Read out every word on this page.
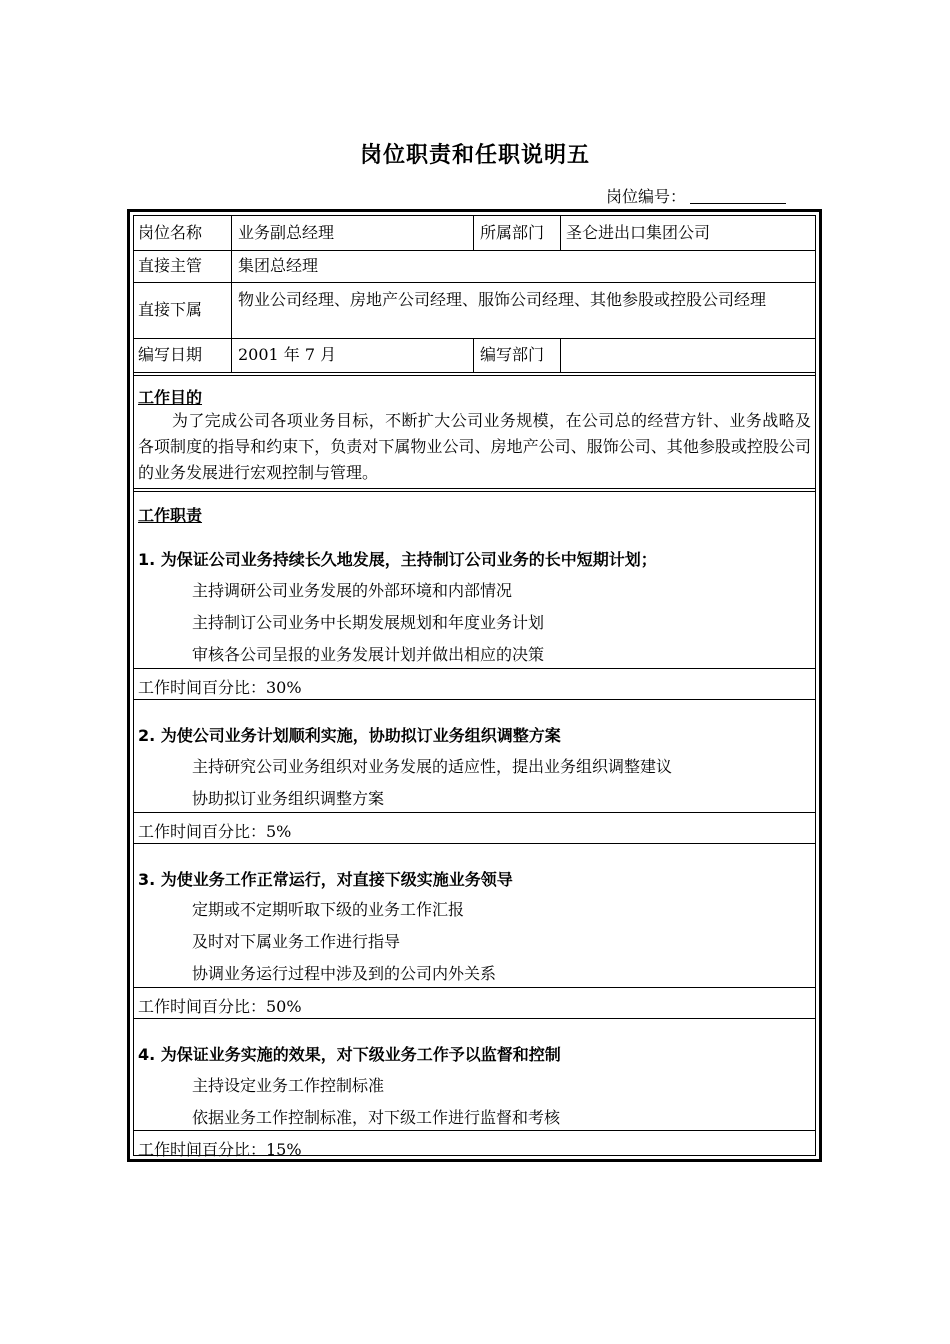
岗位职责和任职说明五
岗位编号：
岗位名称 业务副总经理	所属部门 圣仑进出口集团公司
直接主管 集团总经理
直接下属
物业公司经理、房地产公司经理、服饰公司经理、其他参股或控股公司经理
编写日期 2001 年 7 月	编写部门
工作目的
为了完成公司各项业务目标，不断扩大公司业务规模，在公司总的经营方针、业务战略及各项制度的指导和约束下，负责对下属物业公司、房地产公司、服饰公司、其他参股或控股公司的业务发展进行宏观控制与管理。
工作职责
1. 为保证公司业务持续长久地发展，主持制订公司业务的长中短期计划；
主持调研公司业务发展的外部环境和内部情况
主持制订公司业务中长期发展规划和年度业务计划
审核各公司呈报的业务发展计划并做出相应的决策
工作时间百分比：30%
2. 为使公司业务计划顺利实施，协助拟订业务组织调整方案
主持研究公司业务组织对业务发展的适应性，提出业务组织调整建议
协助拟订业务组织调整方案
工作时间百分比：5%
3. 为使业务工作正常运行，对直接下级实施业务领导
定期或不定期听取下级的业务工作汇报
及时对下属业务工作进行指导
协调业务运行过程中涉及到的公司内外关系
工作时间百分比：50%
4. 为保证业务实施的效果，对下级业务工作予以监督和控制
主持设定业务工作控制标准
依据业务工作控制标准，对下级工作进行监督和考核
工作时间百分比：15%
